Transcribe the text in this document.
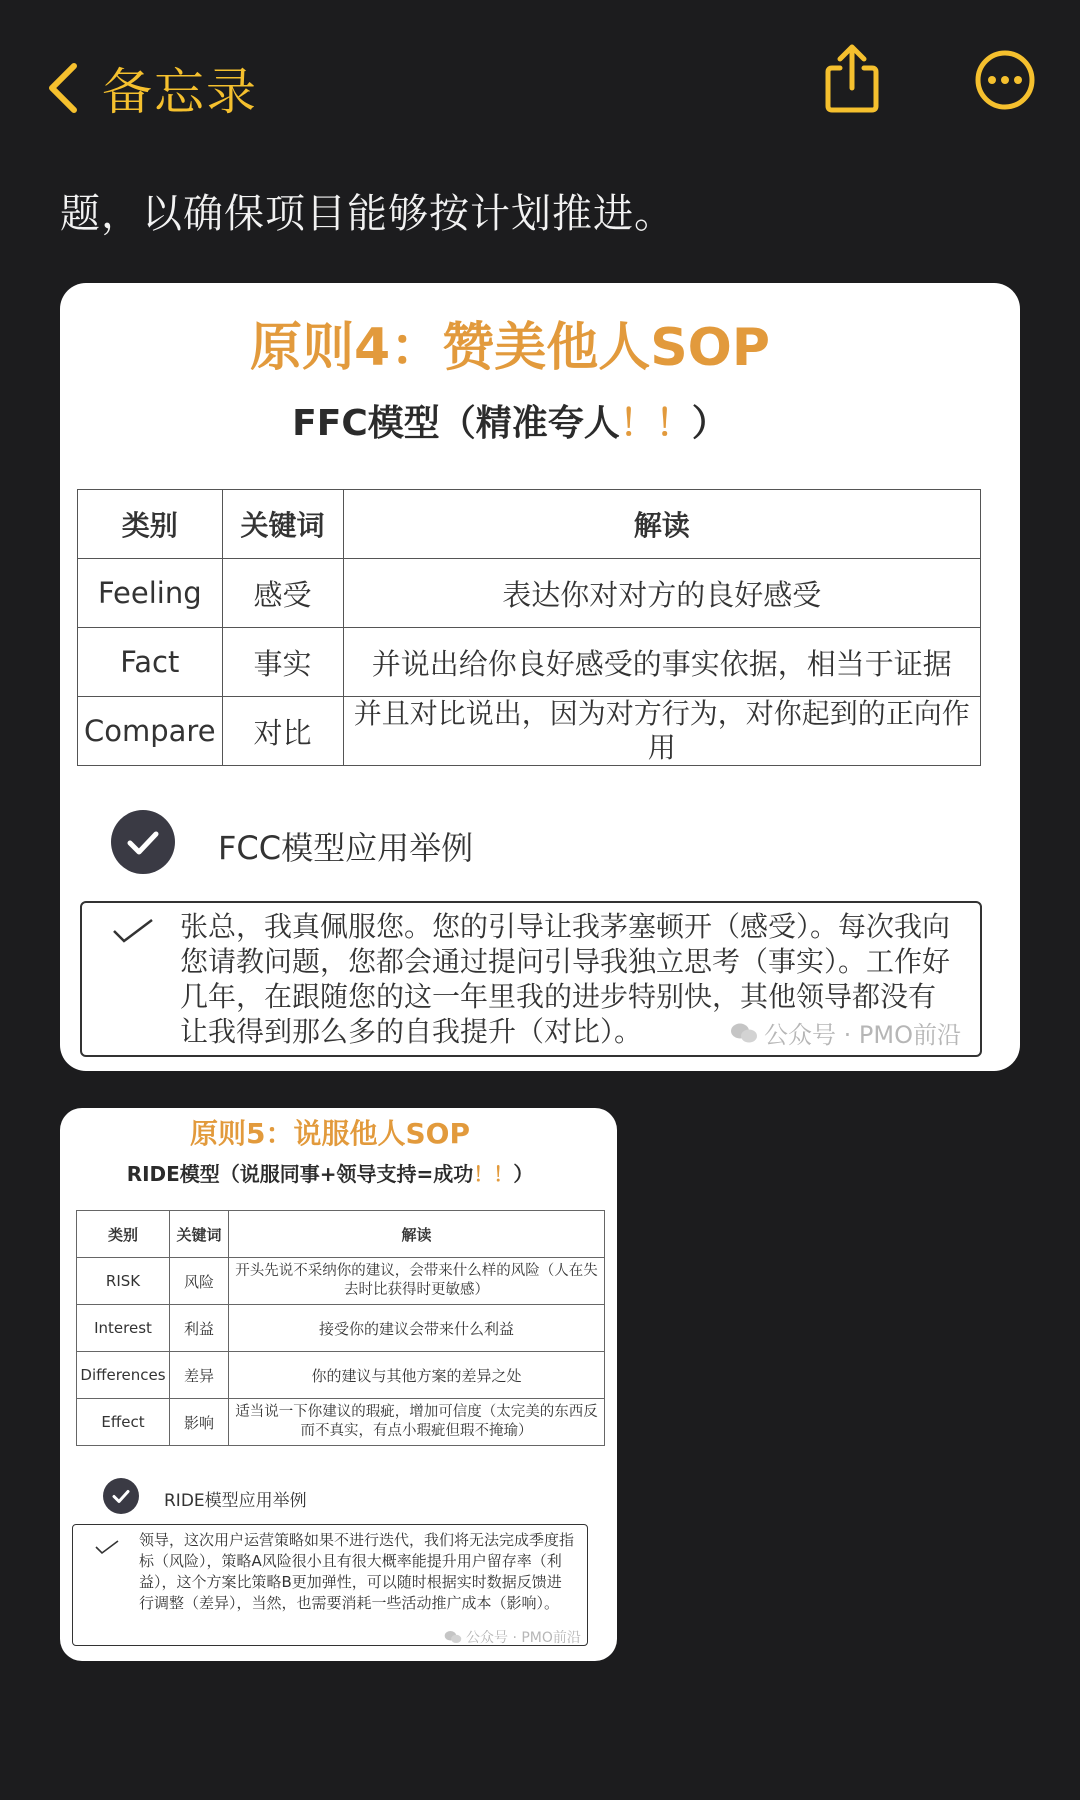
备忘录
题，以确保项目能够按计划推进。
原则4：赞美他人SOP
FFC模型（精准夸人！！）
类别	关键词	解读
Feeling	感受	表达你对对方的良好感受
Fact	事实	并说出给你良好感受的事实依据，相当于证据
Compare	对比	并且对比说出，因为对方行为，对你起到的正向作用
FCC模型应用举例
张总，我真佩服您。您的引导让我茅塞顿开（感受）。每次我向您请教问题，您都会通过提问引导我独立思考（事实）。工作好几年，在跟随您的这一年里我的进步特别快，其他领导都没有让我得到那么多的自我提升（对比）。	公众号 · PMO前沿
原则5：说服他人SOP
RIDE模型（说服同事+领导支持=成功！！）
类别	关键词	解读
RISK	风险	开头先说不采纳你的建议，会带来什么样的风险（人在失去时比获得时更敏感）
Interest	利益	接受你的建议会带来什么利益
Differences	差异	你的建议与其他方案的差异之处
Effect	影响	适当说一下你建议的瑕疵，增加可信度（太完美的东西反而不真实，有点小瑕疵但瑕不掩瑜）
RIDE模型应用举例
领导，这次用户运营策略如果不进行迭代，我们将无法完成季度指标（风险），策略A风险很小且有很大概率能提升用户留存率（利益），这个方案比策略B更加弹性，可以随时根据实时数据反馈进行调整（差异），当然，也需要消耗一些活动推广成本（影响）。
公众号 · PMO前沿
